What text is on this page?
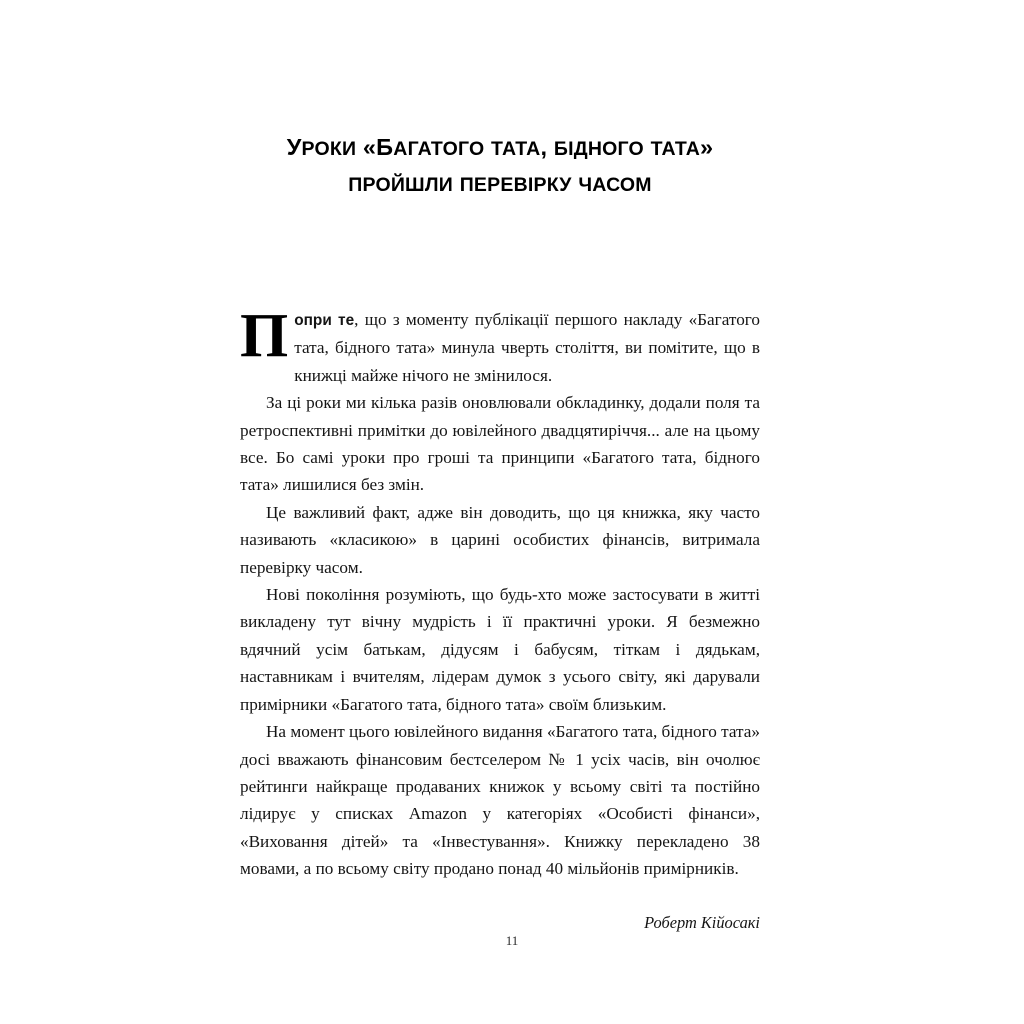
УРОКИ «БАГАТОГО ТАТА, БІДНОГО ТАТА»
ПРОЙШЛИ ПЕРЕВІРКУ ЧАСОМ

Попри те, що з моменту публікації першого накладу «Багатого тата, бідного тата» минула чверть століття, ви помітите, що в книжці майже нічого не змінилося.

За ці роки ми кілька разів оновлювали обкладинку, додали поля та ретроспективні примітки до ювілейного двадцятиріччя... але на цьому все. Бо самі уроки про гроші та принципи «Багатого тата, бідного тата» лишилися без змін.

Це важливий факт, адже він доводить, що ця книжка, яку часто називають «класикою» в царині особистих фінансів, витримала перевірку часом.

Нові покоління розуміють, що будь-хто може застосувати в житті викладену тут вічну мудрість і її практичні уроки. Я безмежно вдячний усім батькам, дідусям і бабусям, тіткам і дядькам, наставникам і вчителям, лідерам думок з усього світу, які дарували примірники «Багатого тата, бідного тата» своїм близьким.

На момент цього ювілейного видання «Багатого тата, бідного тата» досі вважають фінансовим бестселером № 1 усіх часів, він очолює рейтинги найкраще продаваних книжок у всьому світі та постійно лідирує у списках Amazon у категоріях «Особисті фінанси», «Виховання дітей» та «Інвестування». Книжку перекладено 38 мовами, а по всьому світу продано понад 40 мільйонів примірників.

Роберт Кійосакі
11
